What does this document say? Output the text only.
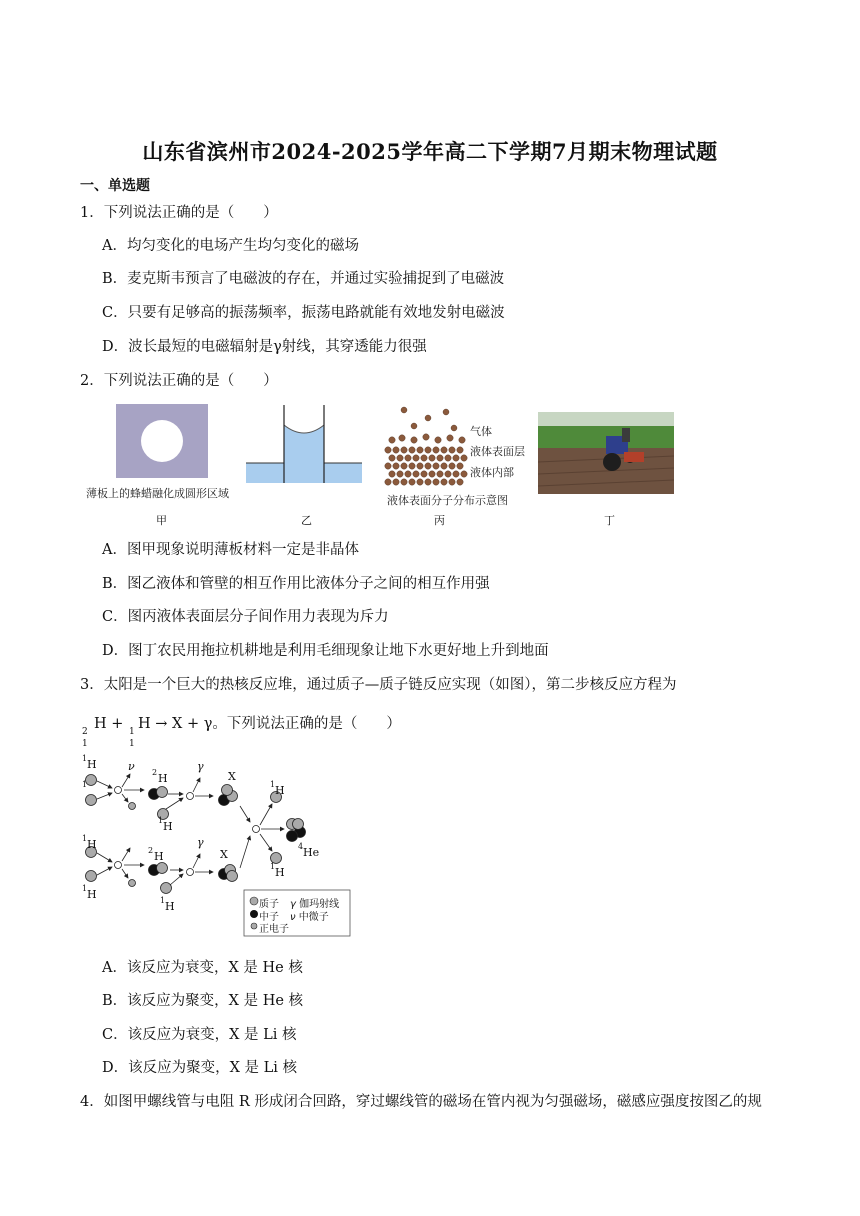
山东省滨州市2024-2025学年高二下学期7月期末物理试题
一、单选题
1．下列说法正确的是（　　）
A．均匀变化的电场产生均匀变化的磁场
B．麦克斯韦预言了电磁波的存在，并通过实验捕捉到了电磁波
C．只要有足够高的振荡频率，振荡电路就能有效地发射电磁波
D．波长最短的电磁辐射是γ射线，其穿透能力很强
2．下列说法正确的是（　　）
薄板上的蜂蜡融化成圆形区域
甲	乙
气体
液体表面层
液体内部
液体表面分子分布示意图
丙	丁
A．图甲现象说明薄板材料一定是非晶体
B．图乙液体和管壁的相互作用比液体分子之间的相互作用强
C．图丙液体表面层分子间作用力表现为斥力
D．图丁农民用拖拉机耕地是利用毛细现象让地下水更好地上升到地面
3．太阳是一个巨大的热核反应堆，通过质子—质子链反应实现（如图），第二步核反应方程为
2
1
H + 1
1
H → X + γ。下列说法正确的是（　　）
1 H
1
ν 2 H
1 H
γ
X
1 H
4 He
1 H
1 H
1 H
2 H
1 H
γ
X
质子 γ 伽玛射线
中子 ν 中微子
正电子
A．该反应为衰变，X 是 He 核
B．该反应为聚变，X 是 He 核
C．该反应为衰变，X 是 Li 核
D．该反应为聚变，X 是 Li 核
4．如图甲螺线管与电阻 R 形成闭合回路，穿过螺线管的磁场在管内视为匀强磁场，磁感应强度按图乙的规
